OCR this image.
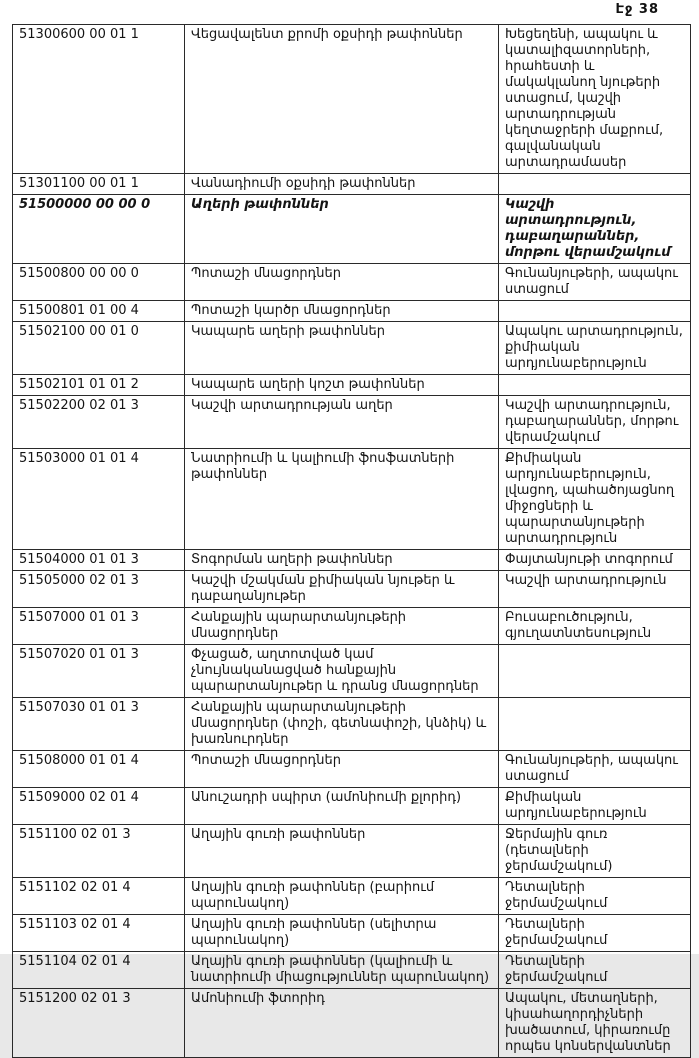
Էջ 38
51300600 00 01 1	Վեցավալենտ քրոմի օքսիդի թափոններ	Խեցեղենի, ապակու և կատալիզատորների, հրահեստի և մակակլանող նյութերի ստացում, կաշվի արտադրության կեղտաջրերի մաքրում, գալվանական արտադրամասեր
51301100 00 01 1	Վանադիումի օքսիդի թափոններ	
51500000 00 00 0	Աղերի թափոններ	Կաշվի արտադրություն, դաբաղարաններ, մորթու վերամշակում
51500800 00 00 0	Պոտաշի մնացորդներ	Գունանյութերի, ապակու ստացում
51500801 01 00 4	Պոտաշի կարծր մնացորդներ	
51502100 00 01 0	Կապարե աղերի թափոններ	Ապակու արտադրություն, քիմիական արդյունաբերություն
51502101 01 01 2	Կապարե աղերի կոշտ թափոններ	
51502200 02 01 3	Կաշվի արտադրության աղեր	Կաշվի արտադրություն, դաբաղարաններ, մորթու վերամշակում
51503000 01 01 4	Նատրիումի և կալիումի ֆոսֆատների թափոններ	Քիմիական արդյունաբերություն, լվացող, պահածոյացնող միջոցների և պարարտանյութերի արտադրություն
51504000 01 01 3	Տոգորման աղերի թափոններ	Փայտանյութի տոգորում
51505000 02 01 3	Կաշվի մշակման քիմիական նյութեր և դաբաղանյութեր	Կաշվի արտադրություն
51507000 01 01 3	Հանքային պարարտանյութերի մնացորդներ	Բուսաբուծություն, գյուղատնտեսություն
51507020 01 01 3	Փչացած, աղտոտված կամ չնույնականացված հանքային պարարտանյութեր և դրանց մնացորդներ	
51507030 01 01 3	Հանքային պարարտանյութերի մնացորդներ (փոշի, գետնափոշի, կնձիկ) և խառնուրդներ	
51508000 01 01 4	Պոտաշի մնացորդներ	Գունանյութերի, ապակու ստացում
51509000 02 01 4	Անուշադրի սպիրտ (ամոնիումի քլորիդ)	Քիմիական արդյունաբերություն
5151100 02 01 3	Աղային գուռի թափոններ	Ջերմային գուռ (դետալների ջերմամշակում)
5151102 02 01 4	Աղային գուռի թափոններ (բարիում պարունակող)	Դետալների ջերմամշակում
5151103 02 01 4	Աղային գուռի թափոններ (սելիտրա պարունակող)	Դետալների ջերմամշակում
5151104 02 01 4	Աղային գուռի թափոններ (կալիումի և նատրիումի միացություններ պարունակող)	Դետալների ջերմամշակում
5151200 02 01 3	Ամոնիումի ֆտորիդ	Ապակու, մետաղների, կիսահաղորդիչների խածատում, կիրառումը որպես կոնսերվանտներ
